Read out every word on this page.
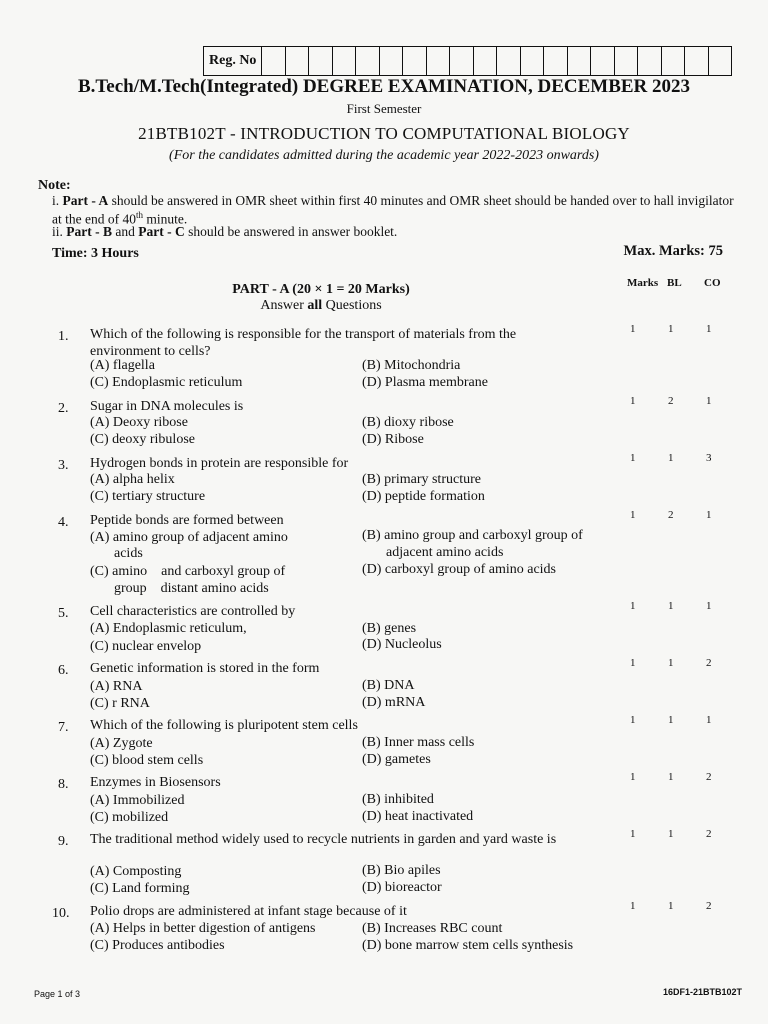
Reg. No
B.Tech/M.Tech(Integrated) DEGREE EXAMINATION, DECEMBER 2023
First Semester
21BTB102T - INTRODUCTION TO COMPUTATIONAL BIOLOGY
(For the candidates admitted during the academic year 2022-2023 onwards)
Note:
i. Part - A should be answered in OMR sheet within first 40 minutes and OMR sheet should be handed over to hall invigilator at the end of 40th minute.
ii. Part - B and Part - C should be answered in answer booklet.
Time: 3 Hours	Max. Marks: 75
PART - A (20 × 1 = 20 Marks)
Answer all Questions
Marks BL CO
1. Which of the following is responsible for the transport of materials from the environment to cells?
(A) flagella	(B) Mitochondria
(C) Endoplasmic reticulum	(D) Plasma membrane
1	1	1
2. Sugar in DNA molecules is
(A) Deoxy ribose	(B) dioxy ribose
(C) deoxy ribulose	(D) Ribose
1	2	1
3. Hydrogen bonds in protein are responsible for
(A) alpha helix	(B) primary structure
(C) tertiary structure	(D) peptide formation
1	1	3
4. Peptide bonds are formed between
(A) amino group of adjacent amino
acids
(B) amino group and carboxyl group of
adjacent amino acids
(C) amino    and carboxyl group of
group    distant amino acids
(D) carboxyl group of amino acids
1	2	1
5. Cell characteristics are controlled by
(A) Endoplasmic reticulum,	(B) genes
(C) nuclear envelop	(D) Nucleolus
1	1	1
6. Genetic information is stored in the form
(A) RNA	(B) DNA
(C) r RNA	(D) mRNA
1	1	2
7. Which of the following is pluripotent stem cells
(A) Zygote	(B) Inner mass cells
(C) blood stem cells	(D) gametes
1	1	1
8. Enzymes in Biosensors
(A) Immobilized	(B) inhibited
(C) mobilized	(D) heat inactivated
1	1	2
9. The traditional method widely used to recycle nutrients in garden and yard waste is
(A) Composting	(B) Bio apiles
(C) Land forming	(D) bioreactor
1	1	2
10. Polio drops are administered at infant stage because of it
(A) Helps in better digestion of antigens	(B) Increases RBC count
(C) Produces antibodies	(D) bone marrow stem cells synthesis
1	1	2
Page 1 of 3	16DF1-21BTB102T
